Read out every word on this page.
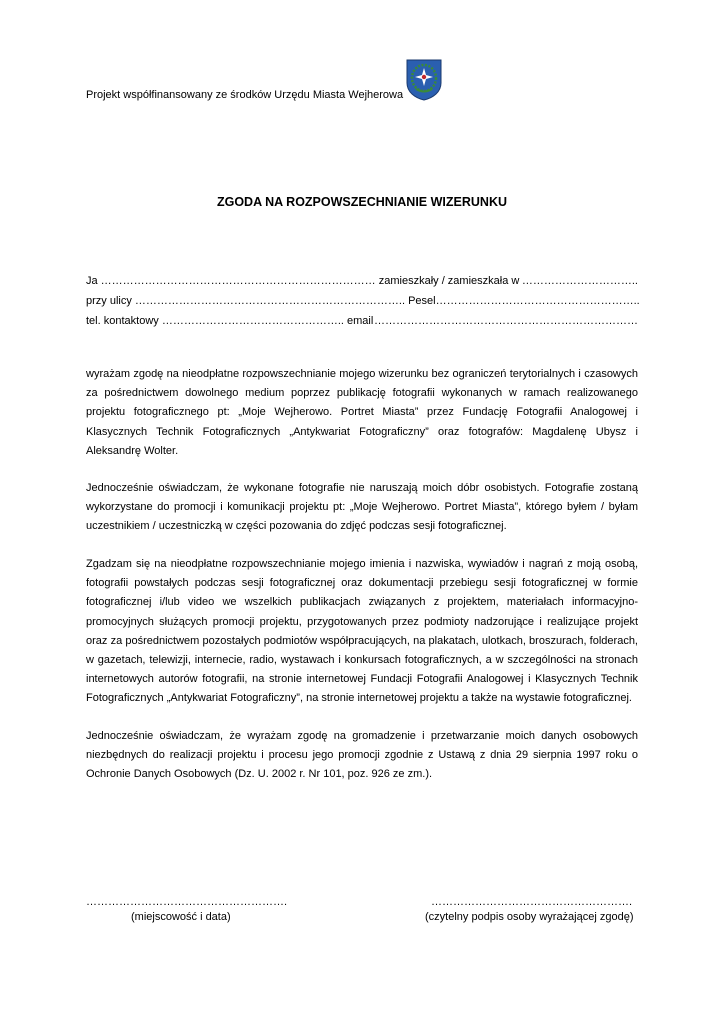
Projekt współfinansowany ze środków Urzędu Miasta Wejherowa
ZGODA NA ROZPOWSZECHNIANIE WIZERUNKU
Ja ………………………………………………………………… zamieszkały / zamieszkała w …………………………..
przy ulicy ……………………………………………………………….. Pesel ………………………………………………..
tel. kontaktowy ………………………………………….. email ………………………………………………………………
wyrażam zgodę na nieodpłatne rozpowszechnianie mojego wizerunku bez ograniczeń terytorialnych i czasowych za pośrednictwem dowolnego medium poprzez publikację fotografii wykonanych w ramach realizowanego projektu fotograficznego pt: „Moje Wejherowo. Portret Miasta” przez Fundację Fotografii Analogowej i Klasycznych Technik Fotograficznych „Antykwariat Fotograficzny” oraz fotografów: Magdalenę Ubysz i Aleksandrę Wolter.
Jednocześnie oświadczam, że wykonane fotografie nie naruszają moich dóbr osobistych. Fotografie zostaną wykorzystane do promocji i komunikacji projektu pt: „Moje Wejherowo. Portret Miasta”, którego byłem / byłam uczestnikiem / uczestniczką w części pozowania do zdjęć podczas sesji fotograficznej.
Zgadzam się na nieodpłatne rozpowszechnianie mojego imienia i nazwiska, wywiadów i nagrań z moją osobą, fotografii powstałych podczas sesji fotograficznej oraz dokumentacji przebiegu sesji fotograficznej w formie fotograficznej i/lub video we wszelkich publikacjach związanych z projektem, materiałach informacyjno-promocyjnych służących promocji projektu, przygotowanych przez podmioty nadzorujące i realizujące projekt oraz za pośrednictwem pozostałych podmiotów współpracujących, na plakatach, ulotkach, broszurach, folderach, w gazetach, telewizji, internecie, radio, wystawach i konkursach fotograficznych, a w szczególności na stronach internetowych autorów fotografii, na stronie internetowej Fundacji Fotografii Analogowej i Klasycznych Technik Fotograficznych „Antykwariat Fotograficzny”, na stronie internetowej projektu a także na wystawie fotograficznej.
Jednocześnie oświadczam, że wyrażam zgodę na gromadzenie i przetwarzanie moich danych osobowych niezbędnych do realizacji projektu i procesu jego promocji zgodnie z Ustawą z dnia 29 sierpnia 1997 roku o Ochronie Danych Osobowych (Dz. U. 2002 r. Nr 101, poz. 926 ze zm.).
……………………………………………….
(miejscowość i data)
……………………………………………….
(czytelny podpis osoby wyrażającej zgodę)
